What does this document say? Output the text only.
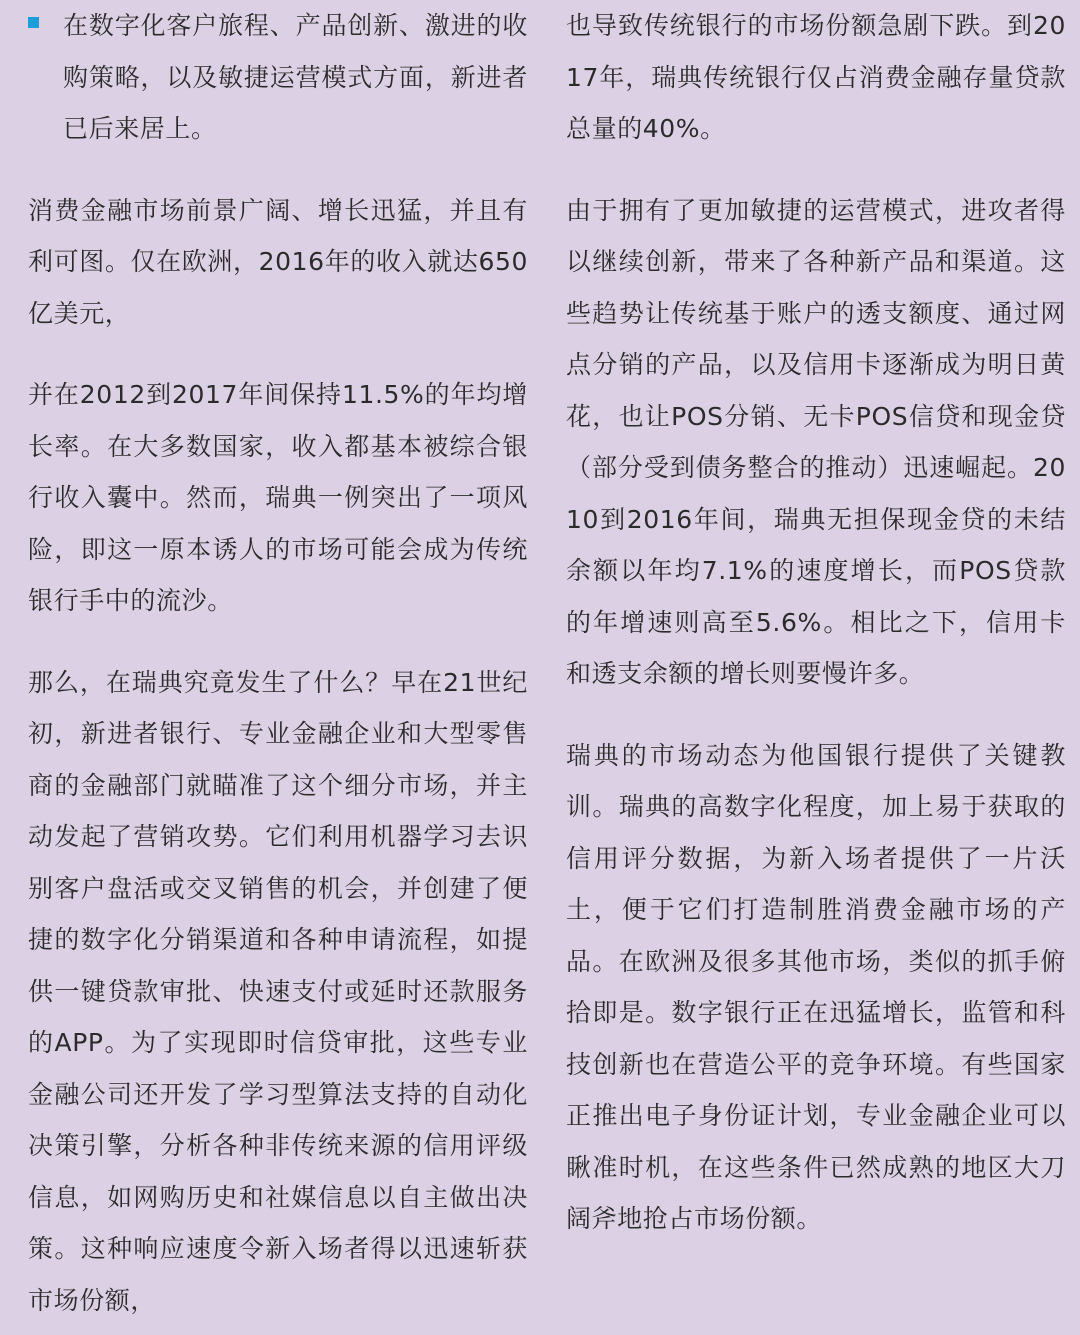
在数字化客户旅程、产品创新、激进的收购策略，以及敏捷运营模式方面，新进者已后来居上。

消费金融市场前景广阔、增长迅猛，并且有利可图。仅在欧洲，2016年的收入就达650亿美元，

并在2012到2017年间保持11.5%的年均增长率。在大多数国家，收入都基本被综合银行收入囊中。然而，瑞典一例突出了一项风险，即这一原本诱人的市场可能会成为传统银行手中的流沙。

那么，在瑞典究竟发生了什么？早在21世纪初，新进者银行、专业金融企业和大型零售商的金融部门就瞄准了这个细分市场，并主动发起了营销攻势。它们利用机器学习去识别客户盘活或交叉销售的机会，并创建了便捷的数字化分销渠道和各种申请流程，如提供一键贷款审批、快速支付或延时还款服务的APP。为了实现即时信贷审批，这些专业金融公司还开发了学习型算法支持的自动化决策引擎，分析各种非传统来源的信用评级信息，如网购历史和社媒信息以自主做出决策。这种响应速度令新入场者得以迅速斩获市场份额，

也导致传统银行的市场份额急剧下跌。到2017年，瑞典传统银行仅占消费金融存量贷款总量的40%。

由于拥有了更加敏捷的运营模式，进攻者得以继续创新，带来了各种新产品和渠道。这些趋势让传统基于账户的透支额度、通过网点分销的产品，以及信用卡逐渐成为明日黄花，也让POS分销、无卡POS信贷和现金贷（部分受到债务整合的推动）迅速崛起。2010到2016年间，瑞典无担保现金贷的未结余额以年均7.1%的速度增长，而POS贷款的年增速则高至5.6%。相比之下，信用卡和透支余额的增长则要慢许多。

瑞典的市场动态为他国银行提供了关键教训。瑞典的高数字化程度，加上易于获取的信用评分数据，为新入场者提供了一片沃土，便于它们打造制胜消费金融市场的产品。在欧洲及很多其他市场，类似的抓手俯拾即是。数字银行正在迅猛增长，监管和科技创新也在营造公平的竞争环境。有些国家正推出电子身份证计划，专业金融企业可以瞅准时机，在这些条件已然成熟的地区大刀阔斧地抢占市场份额。
